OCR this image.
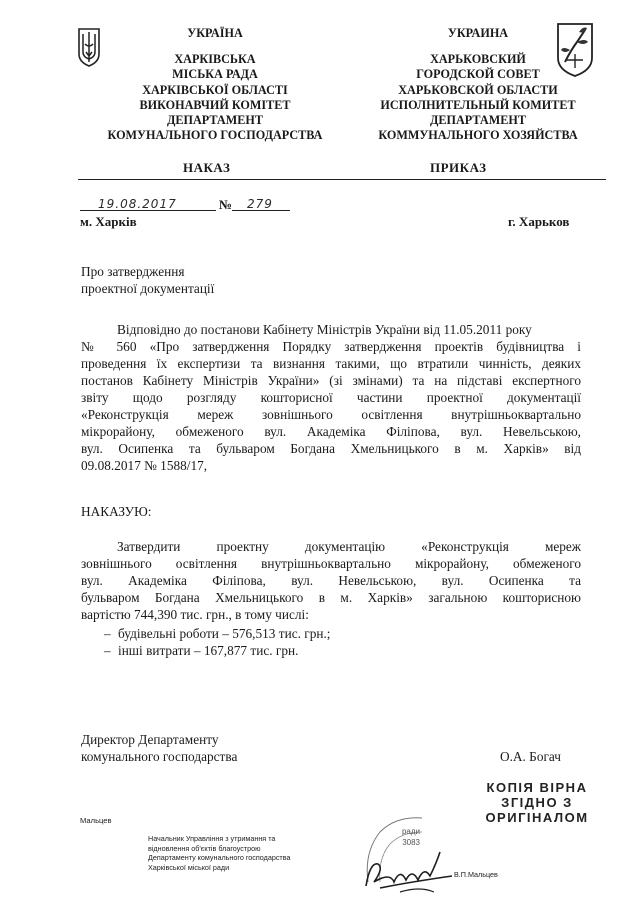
УКРАЇНА
ХАРКІВСЬКА
МІСЬКА РАДА
ХАРКІВСЬКОЇ ОБЛАСТІ
ВИКОНАВЧИЙ КОМІТЕТ
ДЕПАРТАМЕНТ
КОМУНАЛЬНОГО ГОСПОДАРСТВА
УКРАИНА
ХАРЬКОВСКИЙ
ГОРОДСКОЙ СОВЕТ
ХАРЬКОВСКОЙ ОБЛАСТИ
ИСПОЛНИТЕЛЬНЫЙ КОМИТЕТ
ДЕПАРТАМЕНТ
КОММУНАЛЬНОГО ХОЗЯЙСТВА
НАКАЗ	ПРИКАЗ
19.08.2017	№ 279
м. Харків	г. Харьков
Про затвердження
проектної документації
Відповідно до постанови Кабінету Міністрів України від 11.05.2011 року
№ 560 «Про затвердження Порядку затвердження проектів будівництва і
проведення їх експертизи та визнання такими, що втратили чинність, деяких
постанов Кабінету Міністрів України» (зі змінами) та на підставі експертного
звіту щодо розгляду кошторисної частини проектної документації
«Реконструкція мереж зовнішнього освітлення внутрішньоквартально
мікрорайону, обмеженого вул. Академіка Філіпова, вул. Невельською,
вул. Осипенка та бульваром Богдана Хмельницького в м. Харків» від
09.08.2017 № 1588/17,
НАКАЗУЮ:
Затвердити проектну документацію «Реконструкція мереж
зовнішнього освітлення внутрішньоквартально мікрорайону, обмеженого
вул. Академіка Філіпова, вул. Невельською, вул. Осипенка та
бульваром Богдана Хмельницького в м. Харків» загальною кошторисною
вартістю 744,390 тис. грн., в тому числі:
– будівельні роботи – 576,513 тис. грн.;
– інші витрати – 167,877 тис. грн.
Директор Департаменту
комунального господарства	О.А. Богач
КОПІЯ ВІРНА
ЗГІДНО З
ОРИГІНАЛОМ
Мальцев
Начальник Управління з утримання та
відновлення об'єктів благоустрою
Департаменту комунального господарства
Харківської міської ради
ради
3083
В.П.Мальцев
